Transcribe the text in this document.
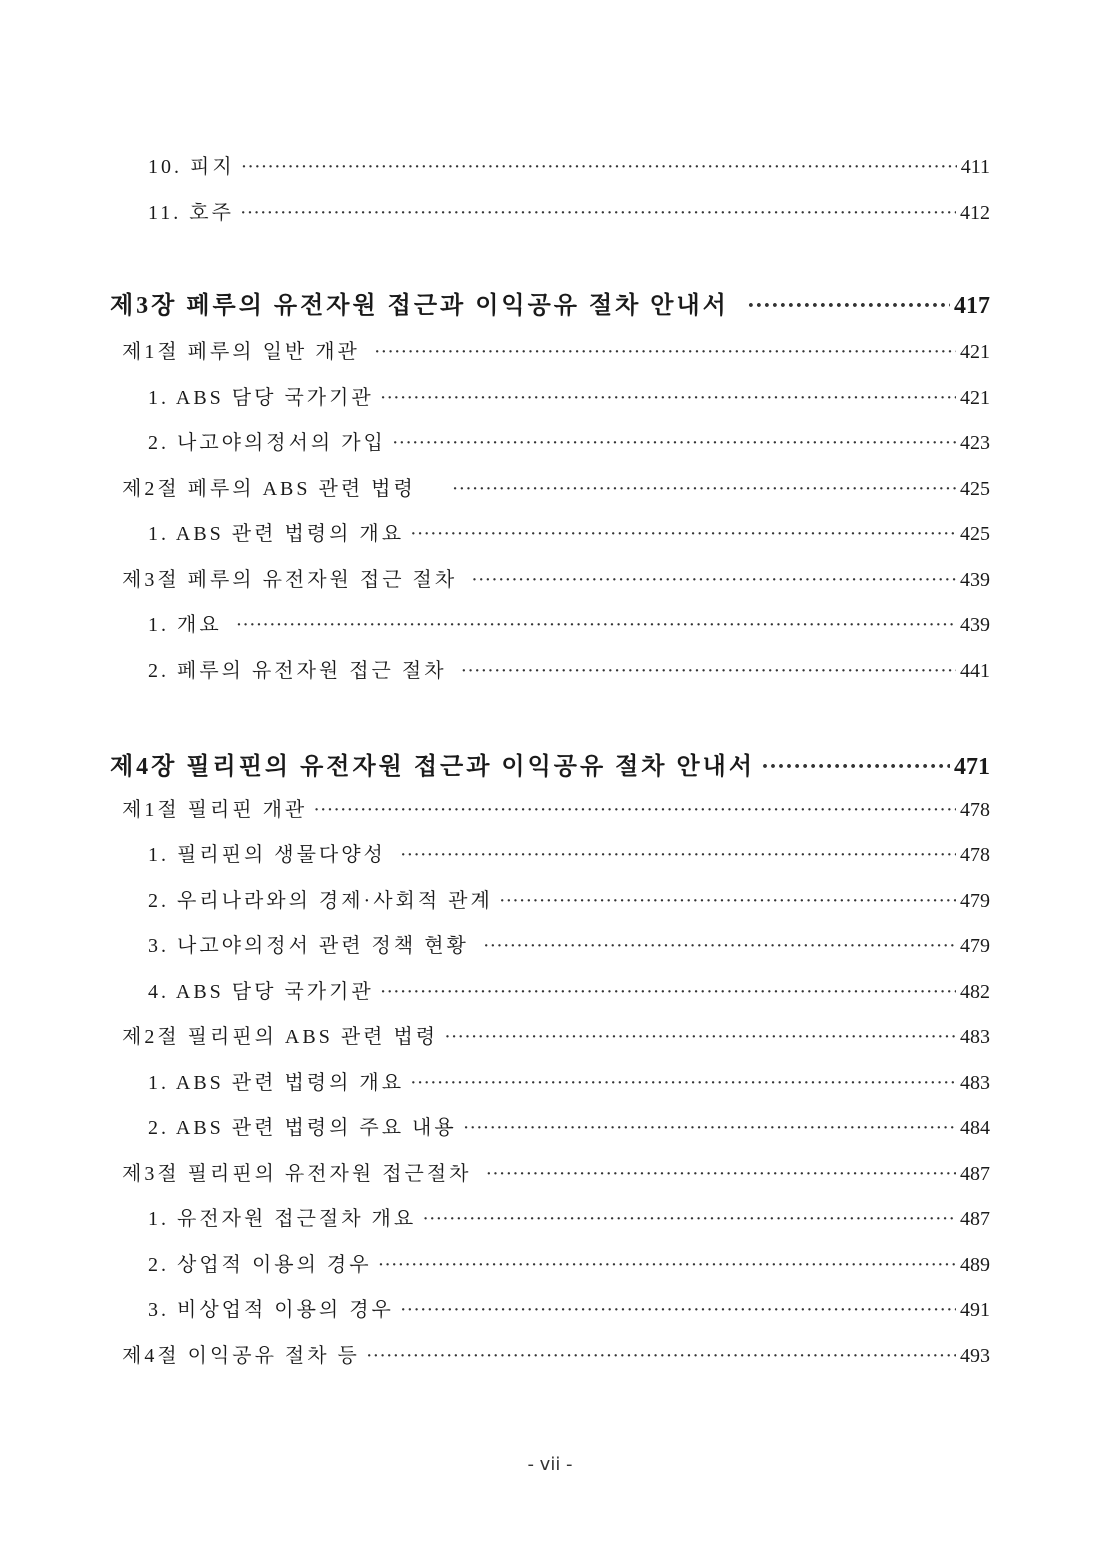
10. 피지 ·····	411
11. 호주 ·····	412
제3장 페루의 유전자원 접근과 이익공유 절차 안내서 ·····	417
제1절 페루의 일반 개관 ·····	421
1. ABS 담당 국가기관 ·····	421
2. 나고야의정서의 가입 ·····	423
제2절 페루의 ABS 관련 법령 ·····	425
1. ABS 관련 법령의 개요 ·····	425
제3절 페루의 유전자원 접근 절차 ·····	439
1. 개요 ·····	439
2. 페루의 유전자원 접근 절차 ·····	441
제4장 필리핀의 유전자원 접근과 이익공유 절차 안내서 ·····	471
제1절 필리핀 개관 ·····	478
1. 필리핀의 생물다양성 ·····	478
2. 우리나라와의 경제·사회적 관계 ·····	479
3. 나고야의정서 관련 정책 현황 ·····	479
4. ABS 담당 국가기관 ·····	482
제2절 필리핀의 ABS 관련 법령 ·····	483
1. ABS 관련 법령의 개요 ·····	483
2. ABS 관련 법령의 주요 내용 ·····	484
제3절 필리핀의 유전자원 접근절차 ·····	487
1. 유전자원 접근절차 개요 ·····	487
2. 상업적 이용의 경우 ·····	489
3. 비상업적 이용의 경우 ·····	491
제4절 이익공유 절차 등 ·····	493
- vii -
